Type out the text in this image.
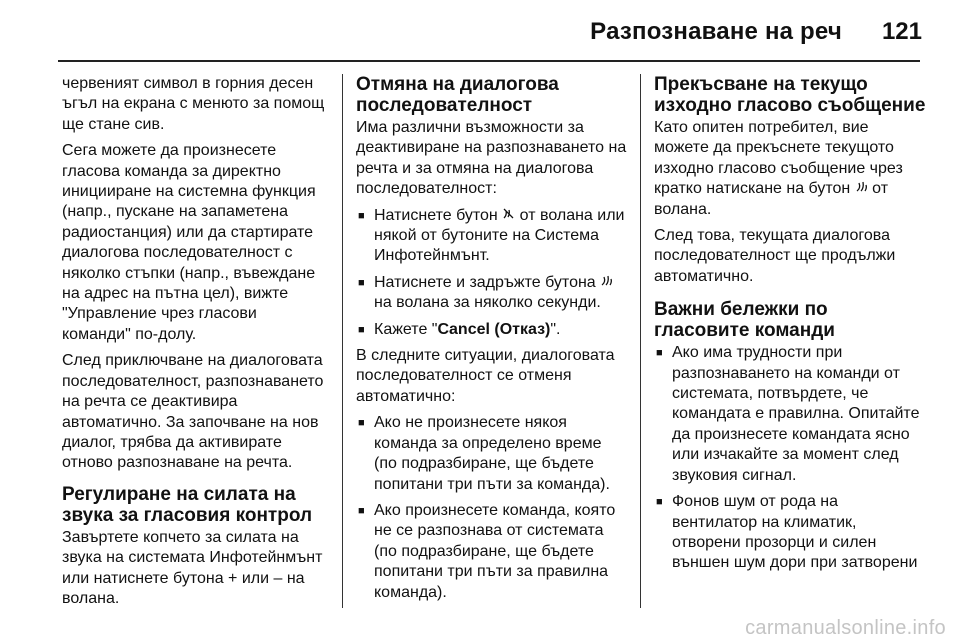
Разпознаване на реч 121

червеният символ в горния десен ъгъл на екрана с менюто за помощ ще стане сив.

Сега можете да произнесете гласова команда за директно иницииране на системна функция (напр., пускане на запаметена радиостанция) или да стартирате диалогова последователност с няколко стъпки (напр., въвеждане на адрес на пътна цел), вижте "Управление чрез гласови команди" по-долу.

След приключване на диалоговата последователност, разпознаването на речта се деактивира автоматично. За започване на нов диалог, трябва да активирате отново разпознаване на речта.

Регулиране на силата на звука за гласовия контрол

Завъртете копчето за силата на звука на системата Инфотейнмънт или натиснете бутона + или – на волана.

Отмяна на диалогова последователност

Има различни възможности за деактивиране на разпознаването на речта и за отмяна на диалогова последователност:

■ Натиснете бутон от волана или някой от бутоните на Система Инфотейнмънт.
■ Натиснете и задръжте бутона  на волана за няколко секунди.
■ Кажете "Cancel (Отказ)".

В следните ситуации, диалоговата последователност се отменя автоматично:

■ Ако не произнесете някоя команда за определено време (по подразбиране, ще бъдете попитани три пъти за команда).
■ Ако произнесете команда, която не се разпознава от системата (по подразбиране, ще бъдете попитани три пъти за правилна команда).
Прекъсване на текущо изходно гласово съобщение

Като опитен потребител, вие можете да прекъснете текущото изходно гласово съобщение чрез кратко натискане на бутон от волана.

След това, текущата диалогова последователност ще продължи автоматично.

Важни бележки по гласовите команди
■ Ако има трудности при разпознаването на команди от системата, потвърдете, че командата е правилна. Опитайте да произнесете командата ясно или изчакайте за момент след звуковия сигнал.
■ Фонов шум от рода на вентилатор на климатик, отворени прозорци и силен външен шум дори при затворени
carmanualsonline.info
